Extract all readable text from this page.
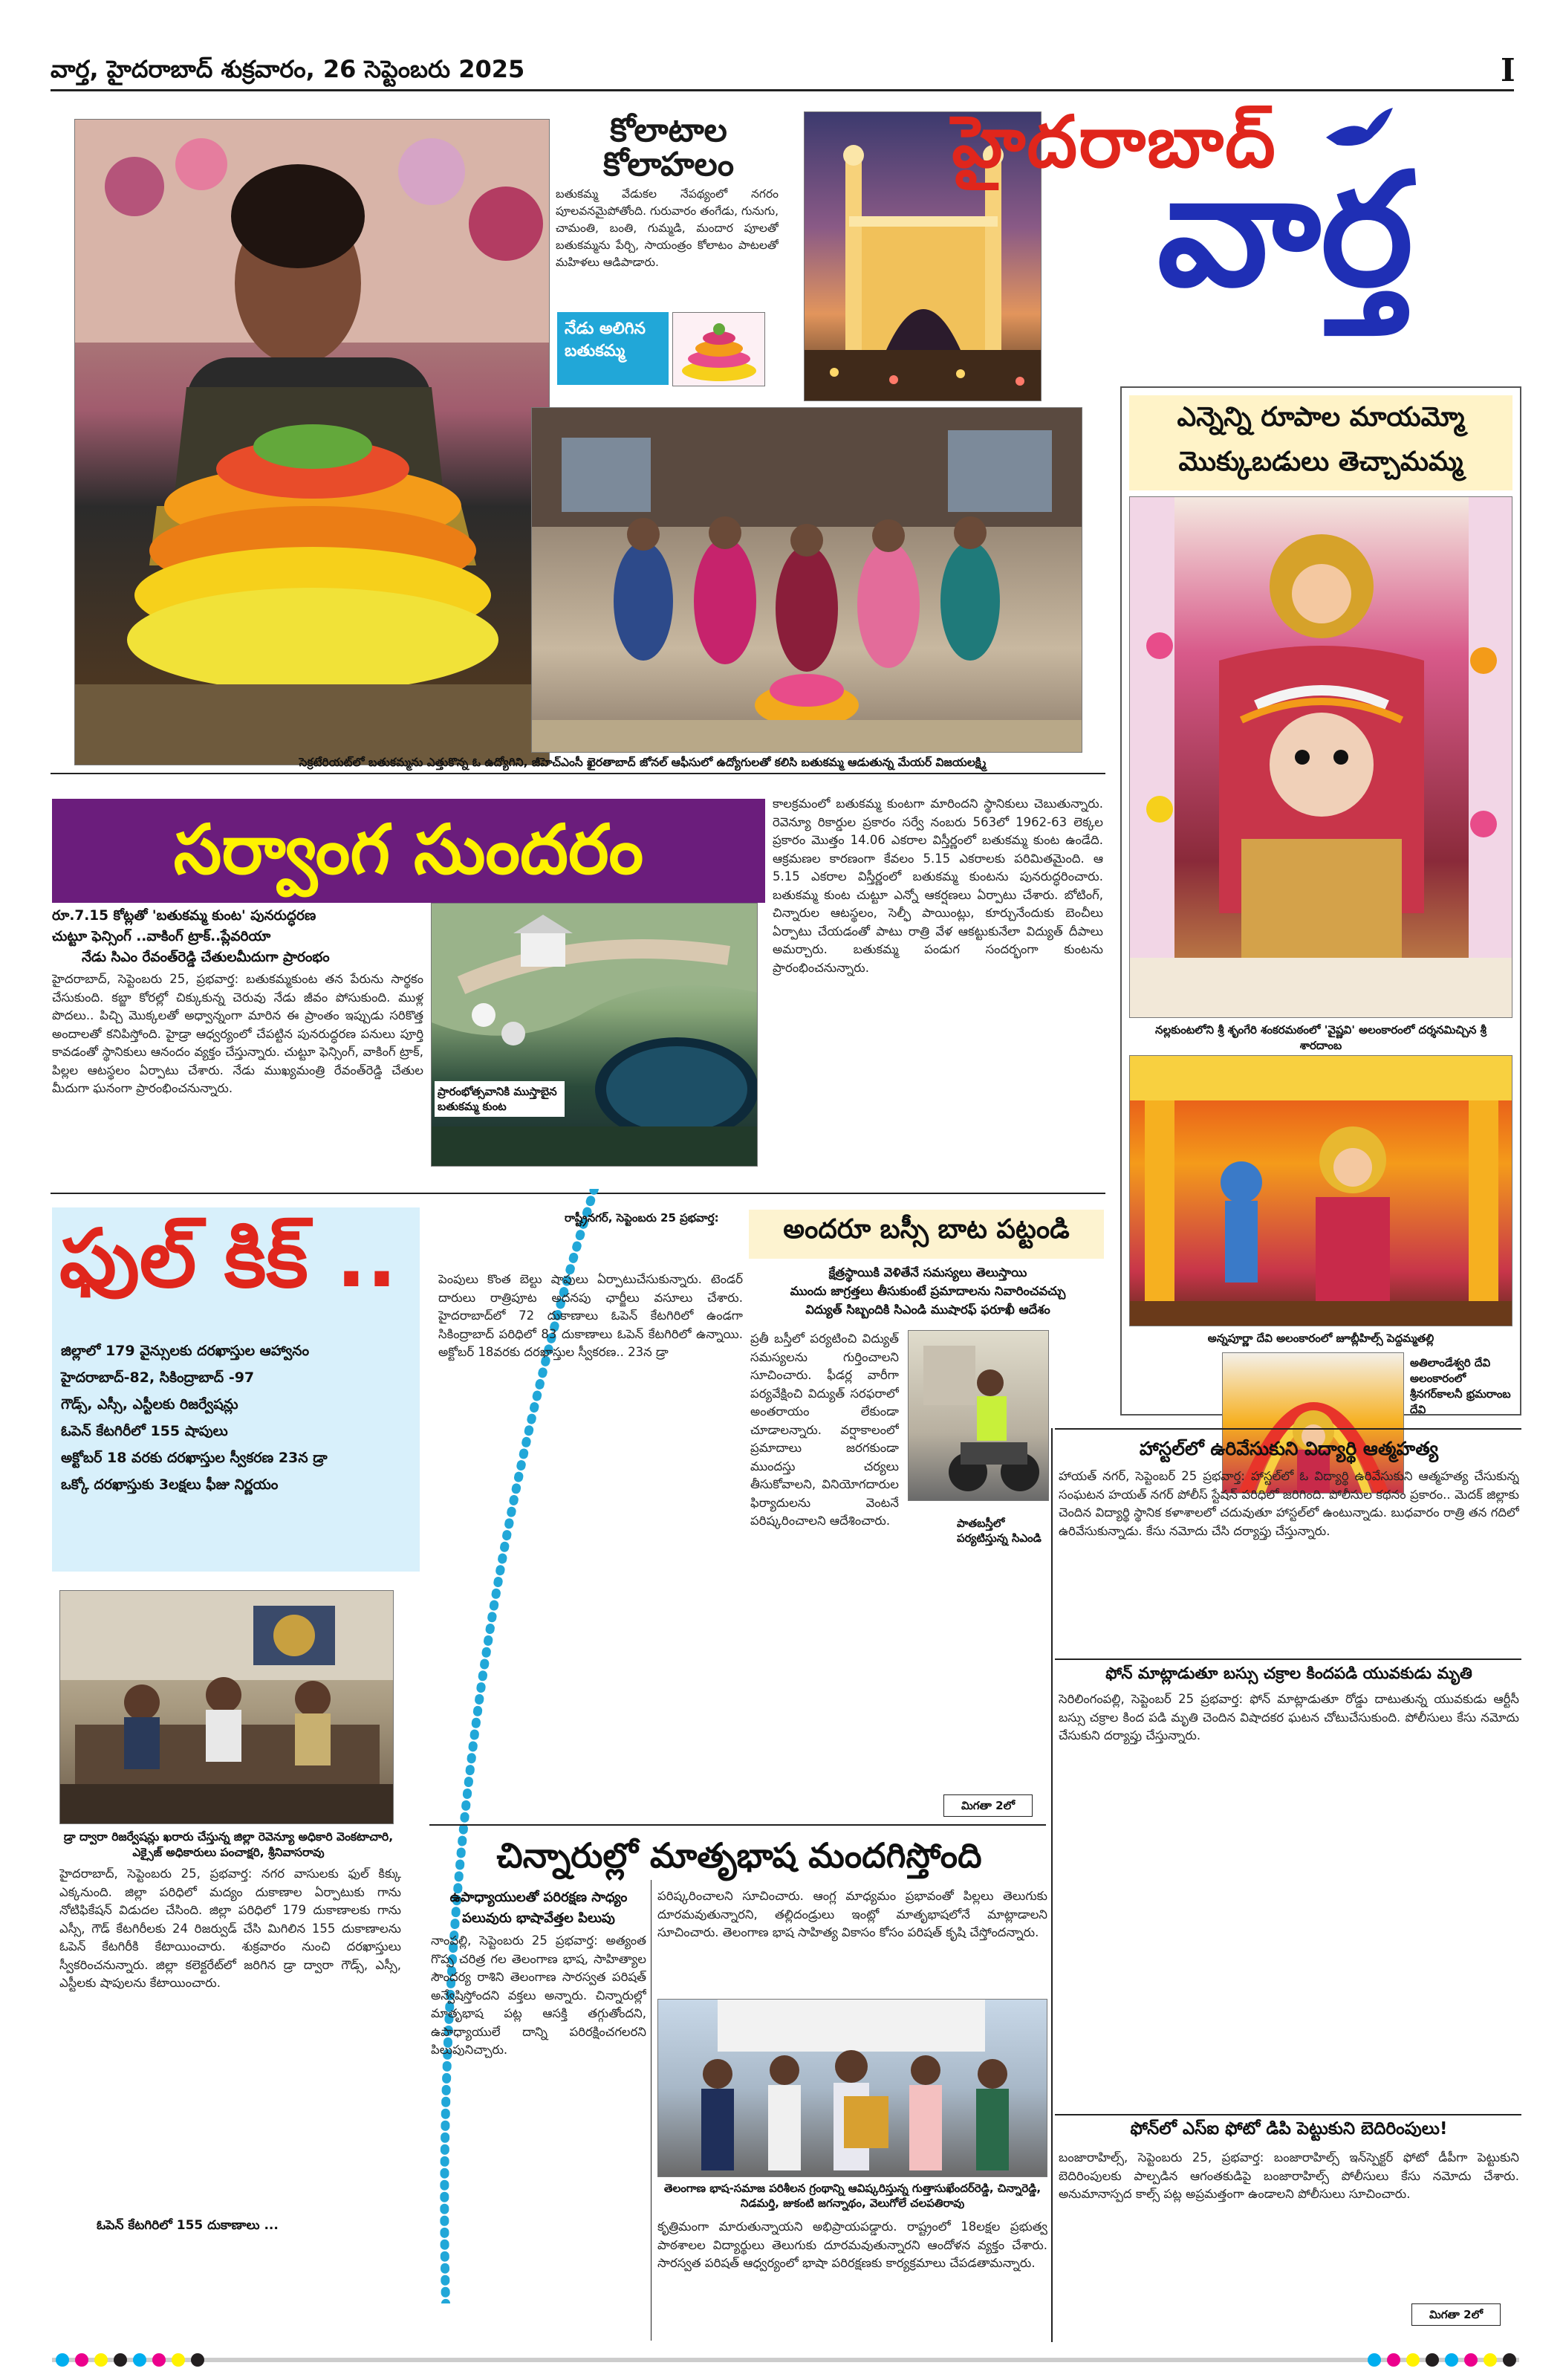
వార్త, హైదరాబాద్ శుక్రవారం, 26 సెప్టెంబరు 2025	I
కోలాటాల
కోలాహలం
బతుకమ్మ వేడుకల నేపథ్యంలో నగరం పూలవనమైపోతోంది. గురువారం తంగేడు, గునుగు, చామంతి, బంతి, గుమ్మడి, మందార పూలతో బతుకమ్మను పేర్చి, సాయంత్రం కోలాటం పాటలతో మహిళలు ఆడిపాడారు.
నేడు అలిగిన
బతుకమ్మ
హైదరాబాద్
వార్త
సెక్రటేరియట్‌లో బతుకమ్మను ఎత్తుకొన్న ఓ ఉద్యోగిని, జీహెచ్ఎంసీ ఖైరతాబాద్ జోనల్ ఆఫీసులో ఉద్యోగులతో కలిసి బతుకమ్మ ఆడుతున్న మేయర్ విజయలక్ష్మి
సర్వాంగ సుందరం
రూ.7.15 కోట్లతో 'బతుకమ్మ కుంట' పునరుద్ధరణ
చుట్టూ ఫెన్సింగ్ ..వాకింగ్ ట్రాక్..ప్లేవరియా
నేడు సిఎం రేవంత్‌రెడ్డి చేతులమీదుగా ప్రారంభం
హైదరాబాద్, సెప్టెంబరు 25, ప్రభవార్త: బతుకమ్మకుంట తన పేరును సార్థకం చేసుకుంది. కబ్జా కోరల్లో చిక్కుకున్న చెరువు నేడు జీవం పోసుకుంది. ముళ్ల పొదలు.. పిచ్చి మొక్కలతో అధ్వాన్నంగా మారిన ఈ ప్రాంతం ఇప్పుడు సరికొత్త అందాలతో కనిపిస్తోంది. హైడ్రా ఆధ్వర్యంలో చేపట్టిన పునరుద్ధరణ పనులు పూర్తి కావడంతో స్థానికులు ఆనందం వ్యక్తం చేస్తున్నారు. చుట్టూ ఫెన్సింగ్, వాకింగ్ ట్రాక్, పిల్లల ఆటస్థలం ఏర్పాటు చేశారు. నేడు ముఖ్యమంత్రి రేవంత్‌రెడ్డి చేతుల మీదుగా ఘనంగా ప్రారంభించనున్నారు.	ప్రారంభోత్సవానికి ముస్తాబైన బతుకమ్మ కుంట
కాలక్రమంలో బతుకమ్మ కుంటగా మారిందని స్థానికులు చెబుతున్నారు. రెవెన్యూ రికార్డుల ప్రకారం సర్వే నంబరు 563లో 1962-63 లెక్కల ప్రకారం మొత్తం 14.06 ఎకరాల విస్తీర్ణంలో బతుకమ్మ కుంట ఉండేది. ఆక్రమణల కారణంగా కేవలం 5.15 ఎకరాలకు పరిమితమైంది. ఆ 5.15 ఎకరాల విస్తీర్ణంలో బతుకమ్మ కుంటను పునరుద్ధరించారు. బతుకమ్మ కుంట చుట్టూ ఎన్నో ఆకర్షణలు ఏర్పాటు చేశారు. బోటింగ్, చిన్నారుల ఆటస్థలం, సెల్ఫీ పాయింట్లు, కూర్చునేందుకు బెంచీలు ఏర్పాటు చేయడంతో పాటు రాత్రి వేళ ఆకట్టుకునేలా విద్యుత్ దీపాలు అమర్చారు. బతుకమ్మ పండుగ సందర్భంగా కుంటను ప్రారంభించనున్నారు.
ఫుల్ కిక్ ..
జిల్లాలో 179 వైన్సులకు దరఖాస్తుల ఆహ్వానం
హైదరాబాద్-82, సికింద్రాబాద్ -97
గౌడ్స్, ఎస్సీ, ఎస్టీలకు రిజర్వేషన్లు
ఓపెన్ కేటగిరీలో 155 షాపులు
అక్టోబర్ 18 వరకు దరఖాస్తుల స్వీకరణ 23న డ్రా
ఒక్కో దరఖాస్తుకు 3లక్షలు ఫీజు నిర్ణయం
డ్రా ద్వారా రిజర్వేషన్లు ఖరారు చేస్తున్న జిల్లా రెవెన్యూ అధికారి వెంకటాచారి, ఎక్సైజ్ అధికారులు పంచాక్షరి, శ్రీనివాసరావు
హైదరాబాద్, సెప్టెంబరు 25, ప్రభవార్త: నగర వాసులకు ఫుల్ కిక్కు ఎక్కనుంది. జిల్లా పరిధిలో మద్యం దుకాణాల ఏర్పాటుకు గాను నోటిఫికేషన్ విడుదల చేసింది. జిల్లా పరిధిలో 179 దుకాణాలకు గాను ఎస్సీ, గౌడ్ కేటగిరీలకు 24 రిజర్వుడ్ చేసి మిగిలిన 155 దుకాణాలను ఓపెన్ కేటగిరీకి కేటాయించారు. శుక్రవారం నుంచి దరఖాస్తులు స్వీకరించనున్నారు. జిల్లా కలెక్టరేట్‌లో జరిగిన డ్రా ద్వారా గౌడ్స్‌, ఎస్సీ, ఎస్టీలకు షాపులను కేటాయించారు.
ఓపెన్ కేటగిరిలో 155 దుకాణాలు ...
పెంపులు కొంత బెల్టు షాపులు ఏర్పాటుచేసుకున్నారు. టెండర్ దారులు రాత్రిపూట అదనపు ఛార్జీలు వసూలు చేశారు. హైదరాబాద్‌లో 72 దుకాణాలు ఓపెన్ కేటగిరిలో ఉండగా సికింద్రాబాద్ పరిధిలో 83 దుకాణాలు ఓపెన్ కేటగిరిలో ఉన్నాయి. అక్టోబర్ 18వరకు దరఖాస్తుల స్వీకరణ.. 23న డ్రా
మిగతా 2లో
రాష్ట్రీనగర్, సెప్టెంబరు 25 ప్రభవార్త:	అందరూ బస్సీ బాట పట్టండి
క్షేత్రస్థాయికి వెళితేనే సమస్యలు తెలుస్తాయి
ముందు జాగ్రత్తలు తీసుకుంటే ప్రమాదాలను నివారించవచ్చు
విద్యుత్ సిబ్బందికి సిఎండి ముషారఫ్ ఫరూఖీ ఆదేశం
ప్రతీ బస్తీలో పర్యటించి విద్యుత్ సమస్యలను గుర్తించాలని సూచించారు. ఫీడర్ల వారీగా పర్యవేక్షించి విద్యుత్ సరఫరాలో అంతరాయం లేకుండా చూడాలన్నారు. వర్షాకాలంలో ప్రమాదాలు జరగకుండా ముందస్తు చర్యలు తీసుకోవాలని, వినియోగదారుల ఫిర్యాదులను వెంటనే పరిష్కరించాలని ఆదేశించారు.	పాతబస్తీలో పర్యటిస్తున్న సిఎండి
చిన్నారుల్లో మాతృభాష మందగిస్తోంది
ఉపాధ్యాయులతో పరిరక్షణ సాధ్యం
పలువురు భాషావేత్తల పిలుపు
నాంపల్లి, సెప్టెంబరు 25 ప్రభవార్త: అత్యంత గొప్ప చరిత్ర గల తెలంగాణ భాష, సాహిత్యాల సౌందర్య రాశిని తెలంగాణ సారస్వత పరిషత్ అన్వేషిస్తోందని వక్తలు అన్నారు. చిన్నారుల్లో మాతృభాష పట్ల ఆసక్తి తగ్గుతోందని, ఉపాధ్యాయులే దాన్ని పరిరక్షించగలరని పిలుపునిచ్చారు.
పరిష్కరించాలని సూచించారు. ఆంగ్ల మాధ్యమం ప్రభావంతో పిల్లలు తెలుగుకు దూరమవుతున్నారని, తల్లిదండ్రులు ఇంట్లో మాతృభాషలోనే మాట్లాడాలని సూచించారు. తెలంగాణ భాష సాహిత్య వికాసం కోసం పరిషత్ కృషి చేస్తోందన్నారు.
తెలంగాణ భాష-సమాజ పరిశీలన గ్రంథాన్ని ఆవిష్కరిస్తున్న గుత్తాసుఖేందర్‌రెడ్డి, చిన్నారెడ్డి, నిడమర్తి, జుకంటి జగన్నాథం, వెలుగోలే చలపతిరావు
కృత్రిమంగా మారుతున్నాయని అభిప్రాయపడ్డారు. రాష్ట్రంలో 18లక్షల ప్రభుత్వ పాఠశాలల విద్యార్థులు తెలుగుకు దూరమవుతున్నారని ఆందోళన వ్యక్తం చేశారు. సారస్వత పరిషత్ ఆధ్వర్యంలో భాషా పరిరక్షణకు కార్యక్రమాలు చేపడతామన్నారు.
ఎన్నెన్ని రూపాల మాయమ్మో
మొక్కుబడులు తెచ్చామమ్మ
నల్లకుంటలోని శ్రీ శృంగేరి శంకరమఠంలో 'వైష్ణవి' అలంకారంలో దర్శనమిచ్చిన శ్రీ శారదాంబ
అన్నపూర్ణా దేవి అలంకారంలో జూబ్లీహిల్స్ పెద్దమ్మతల్లి
అతిలాండేశ్వరి దేవి అలంకారంలో శ్రీనగర్‌కాలనీ భ్రమరాంబ దేవి
హాస్టల్‌లో ఉరివేసుకుని విద్యార్థి ఆత్మహత్య
హాయత్ నగర్, సెప్టెంబర్ 25 ప్రభవార్త: హాస్టల్‌లో ఓ విద్యార్థి ఉరివేసుకుని ఆత్మహత్య చేసుకున్న సంఘటన హయత్ నగర్ పోలీస్ స్టేషన్ పరిధిలో జరిగింది. పోలీసుల కథనం ప్రకారం.. మెదక్ జిల్లాకు చెందిన విద్యార్థి స్థానిక కళాశాలలో చదువుతూ హాస్టల్‌లో ఉంటున్నాడు. బుధవారం రాత్రి తన గదిలో ఉరివేసుకున్నాడు. కేసు నమోదు చేసి దర్యాప్తు చేస్తున్నారు.
ఫోన్ మాట్లాడుతూ బస్సు చక్రాల కిందపడి యువకుడు మృతి
సెరిలింగంపల్లి, సెప్టెంబర్ 25 ప్రభవార్త: ఫోన్ మాట్లాడుతూ రోడ్డు దాటుతున్న యువకుడు ఆర్టీసీ బస్సు చక్రాల కింద పడి మృతి చెందిన విషాదకర ఘటన చోటుచేసుకుంది. పోలీసులు కేసు నమోదు చేసుకుని దర్యాప్తు చేస్తున్నారు.
ఫోన్‌లో ఎస్ఐ ఫోటో డిపి పెట్టుకుని బెదిరింపులు!
బంజారాహిల్స్, సెప్టెంబరు 25, ప్రభవార్త: బంజారాహిల్స్ ఇన్‌స్పెక్టర్ ఫోటో డీపీగా పెట్టుకుని బెదిరింపులకు పాల్పడిన ఆగంతకుడిపై బంజారాహిల్స్ పోలీసులు కేసు నమోదు చేశారు. అనుమానాస్పద కాల్స్ పట్ల అప్రమత్తంగా ఉండాలని పోలీసులు సూచించారు.
మిగతా 2లో
